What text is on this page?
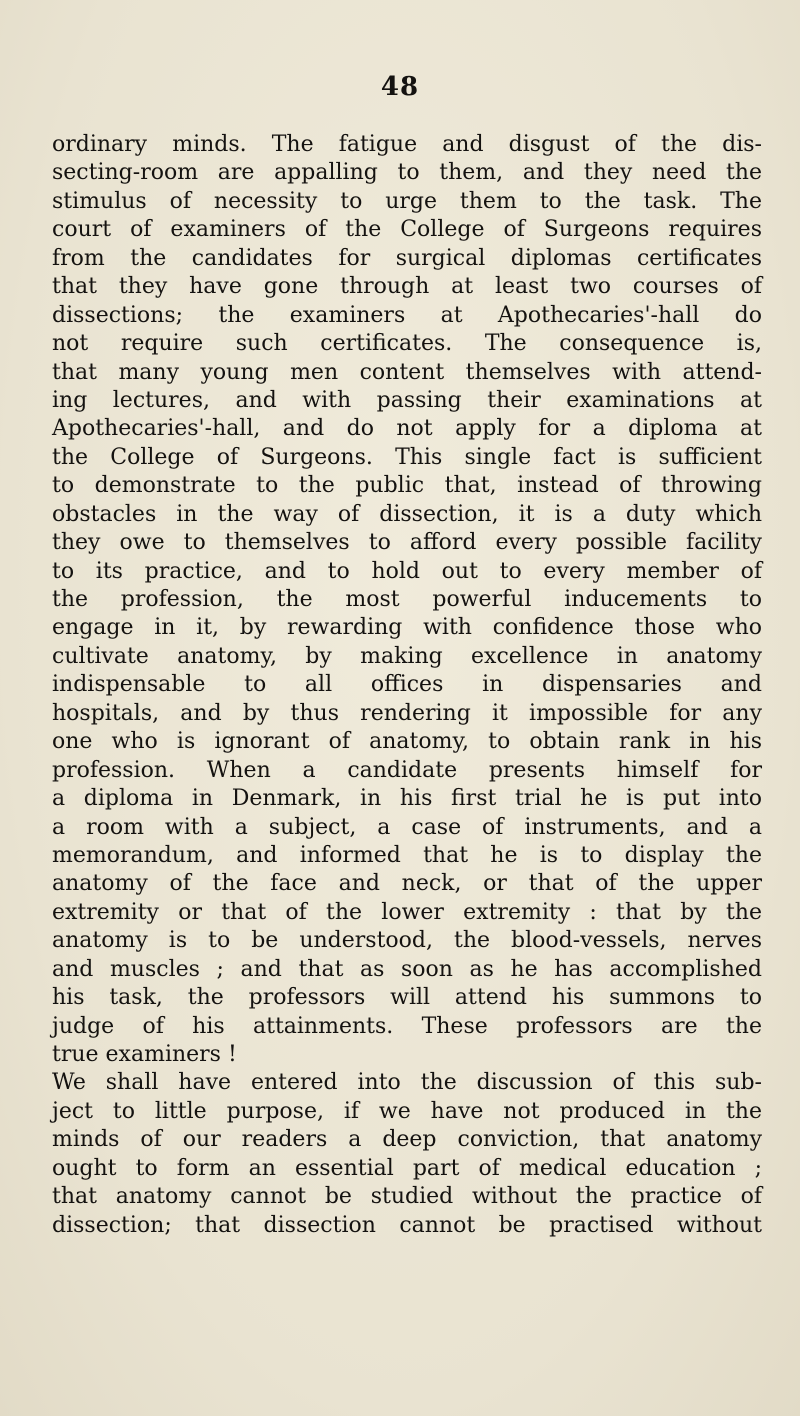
48
ordinary minds. The fatigue and disgust of the dis-
secting-room are appalling to them, and they need the
stimulus of necessity to urge them to the task. The
court of examiners of the College of Surgeons requires
from the candidates for surgical diplomas certificates
that they have gone through at least two courses of
dissections; the examiners at Apothecaries'-hall do
not require such certificates. The consequence is,
that many young men content themselves with attend-
ing lectures, and with passing their examinations at
Apothecaries'-hall, and do not apply for a diploma at
the College of Surgeons. This single fact is sufficient
to demonstrate to the public that, instead of throwing
obstacles in the way of dissection, it is a duty which
they owe to themselves to afford every possible facility
to its practice, and to hold out to every member of
the profession, the most powerful inducements to
engage in it, by rewarding with confidence those who
cultivate anatomy, by making excellence in anatomy
indispensable to all offices in dispensaries and
hospitals, and by thus rendering it impossible for any
one who is ignorant of anatomy, to obtain rank in his
profession. When a candidate presents himself for
a diploma in Denmark, in his first trial he is put into
a room with a subject, a case of instruments, and a
memorandum, and informed that he is to display the
anatomy of the face and neck, or that of the upper
extremity or that of the lower extremity : that by the
anatomy is to be understood, the blood-vessels, nerves
and muscles ; and that as soon as he has accomplished
his task, the professors will attend his summons to
judge of his attainments. These professors are the
true examiners !
We shall have entered into the discussion of this sub-
ject to little purpose, if we have not produced in the
minds of our readers a deep conviction, that anatomy
ought to form an essential part of medical education ;
that anatomy cannot be studied without the practice of
dissection; that dissection cannot be practised without
